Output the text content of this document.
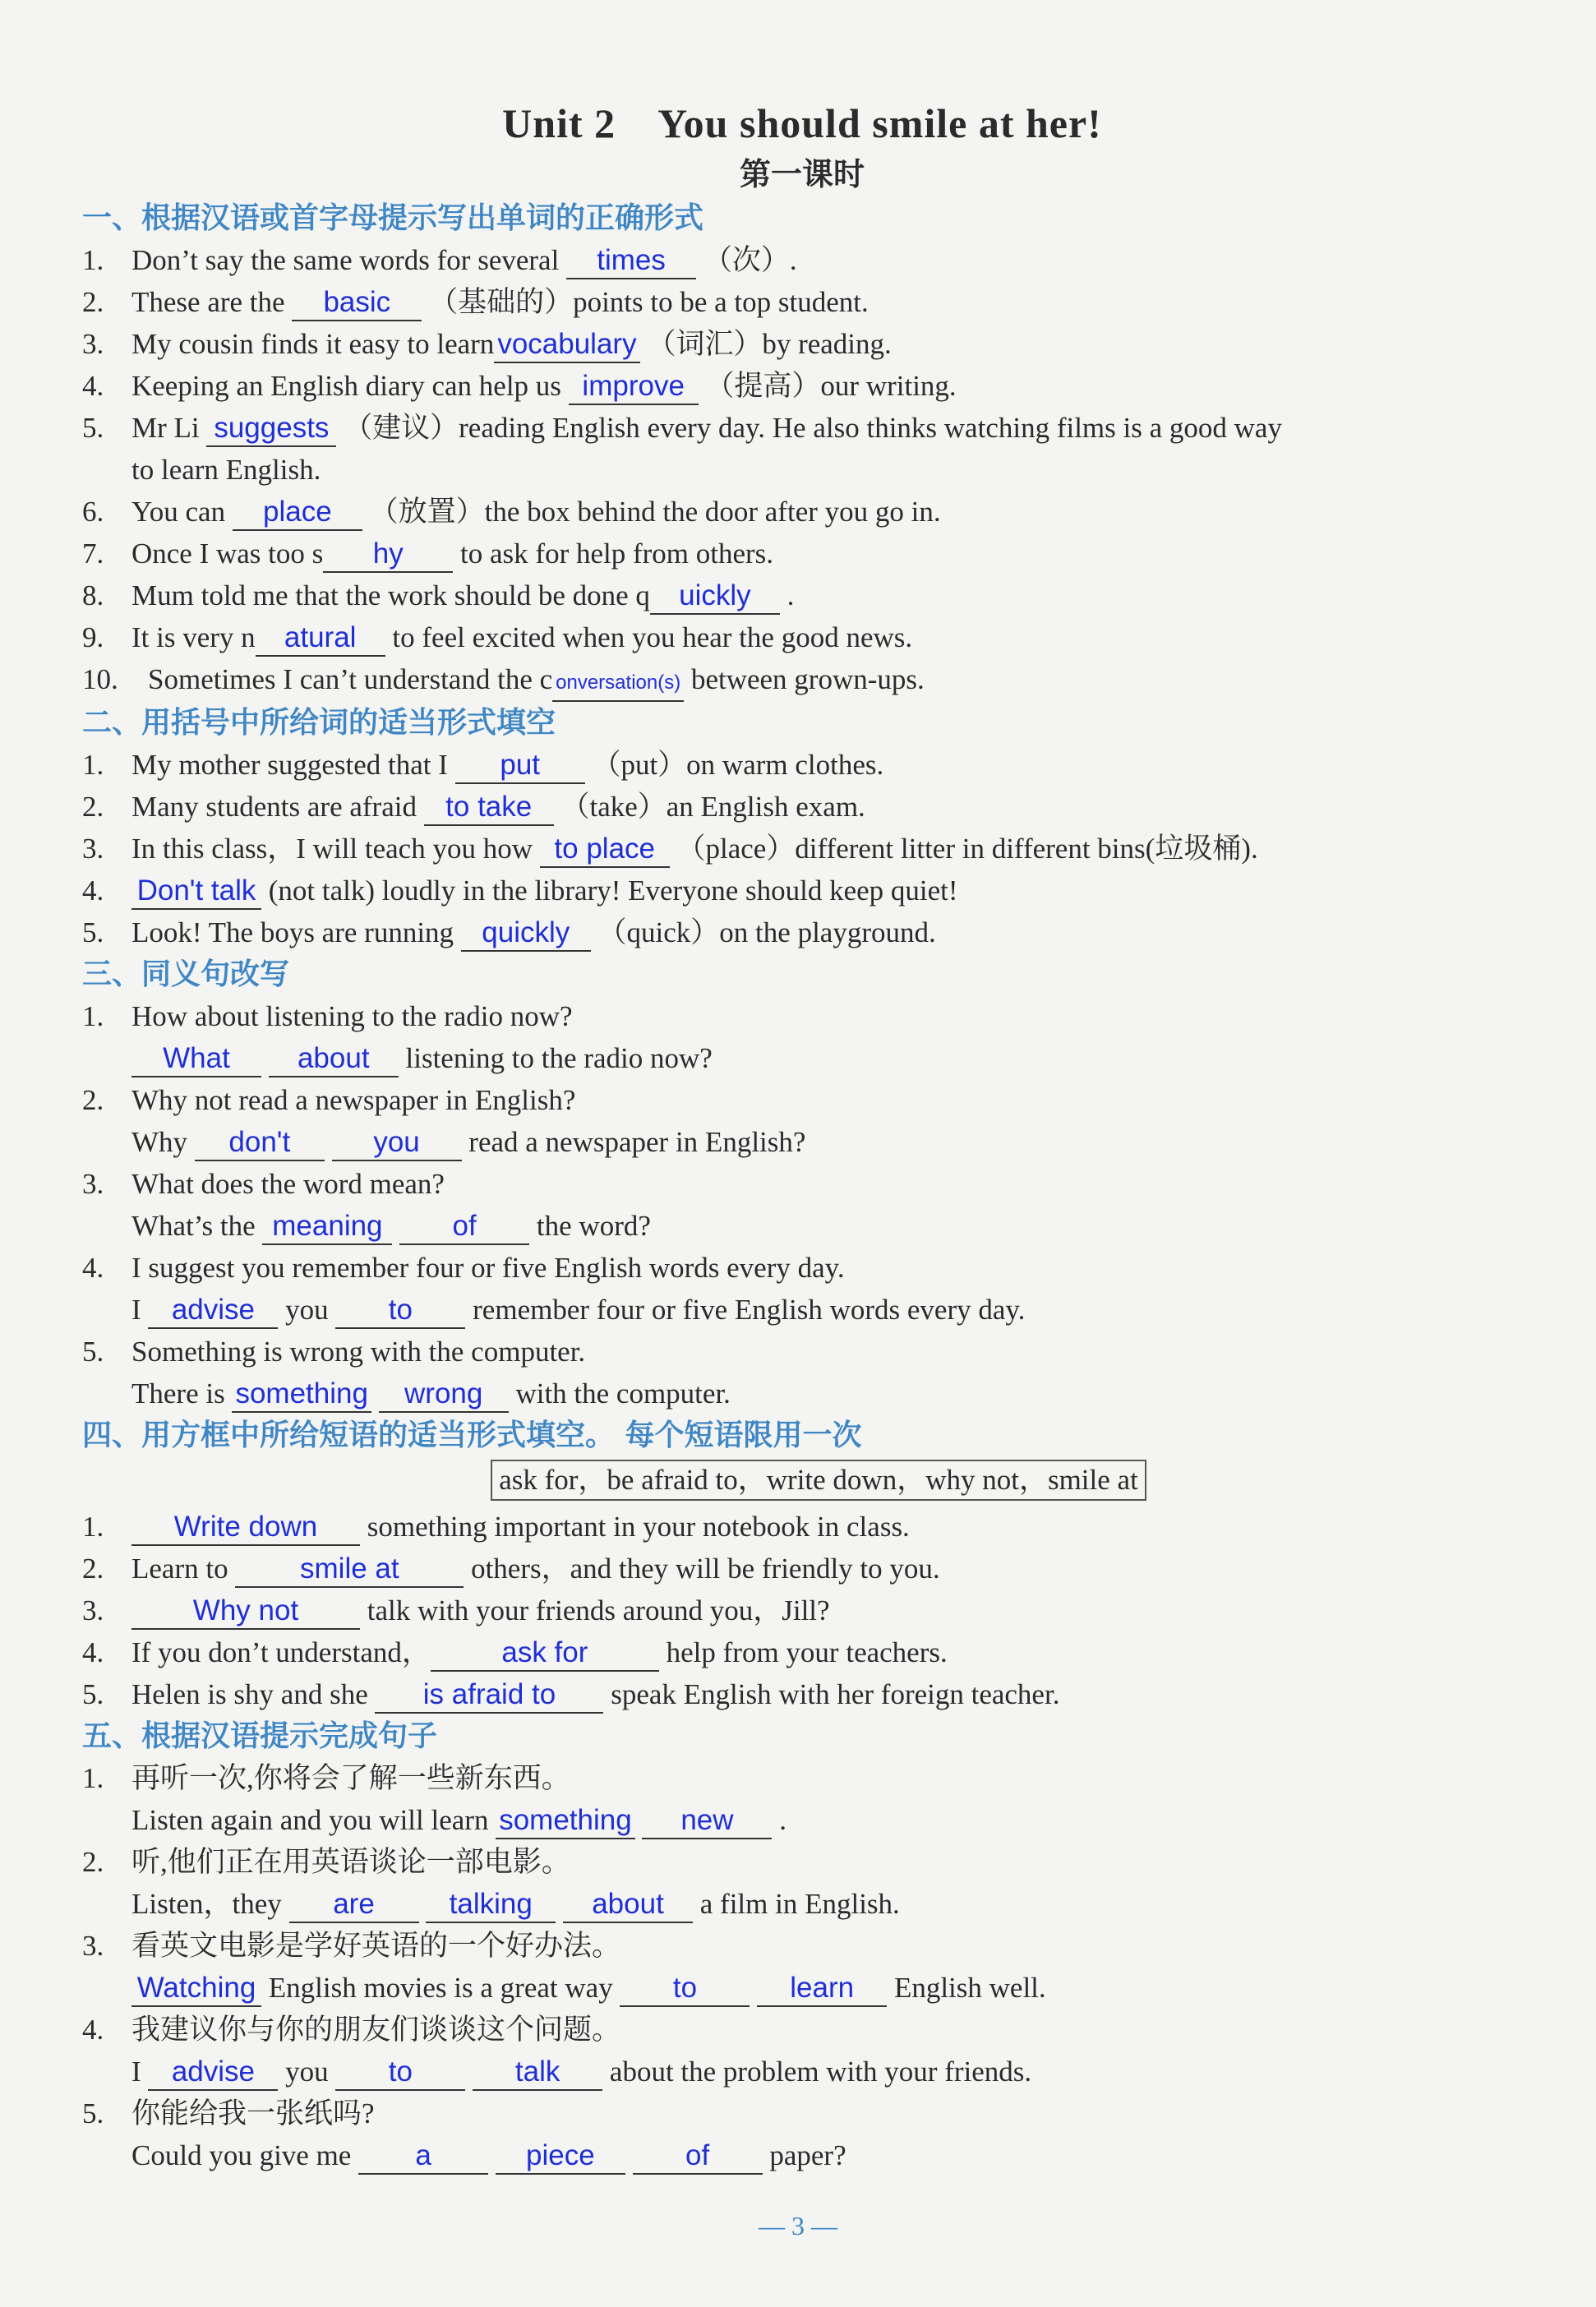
Unit 2　You should smile at her!
第一课时
一、根据汉语或首字母提示写出单词的正确形式
1. Don’t say the same words for several times （次）.
2. These are the basic （基础的）points to be a top student.
3. My cousin finds it easy to learn vocabulary （词汇）by reading.
4. Keeping an English diary can help us improve （提高）our writing.
5. Mr Li suggests （建议）reading English every day. He also thinks watching films is a good way
to learn English.
6. You can place （放置）the box behind the door after you go in.
7. Once I was too s hy to ask for help from others.
8. Mum told me that the work should be done q uickly .
9. It is very n atural to feel excited when you hear the good news.
10.	Sometimes I can’t understand the c onversation(s) between grown-ups.
二、用括号中所给词的适当形式填空
1. My mother suggested that I put （put）on warm clothes.
2. Many students are afraid to take （take）an English exam.
3. In this class，I will teach you how to place （place）different litter in different bins(垃圾桶).
4.	Don't talk (not talk) loudly in the library! Everyone should keep quiet!
5. Look! The boys are running quickly （quick）on the playground.
三、同义句改写
1. How about listening to the radio now?
What about listening to the radio now?
2. Why not read a newspaper in English?
Why don't	you read a newspaper in English?
3. What does the word mean?
What’s the meaning of the word?
4. I suggest you remember four or five English words every day.
I advise you to remember four or five English words every day.
5. Something is wrong with the computer.
There is something wrong with the computer.
四、用方框中所给短语的适当形式填空。 每个短语限用一次
ask for，be afraid to，write down，why not，smile at
1.	Write down something important in your notebook in class.
2. Learn to smile at others，and they will be friendly to you.
3.	Why not talk with your friends around you，Jill?
4. If you don’t understand， ask for help from your teachers.
5. Helen is shy and she is afraid to speak English with her foreign teacher.
五、根据汉语提示完成句子
1. 再听一次,你将会了解一些新东西。
Listen again and you will learn something new .
2. 听,他们正在用英语谈论一部电影。
Listen，they are	talking about a film in English.
3. 看英文电影是学好英语的一个好办法。
Watching English movies is a great way to	learn English well.
4. 我建议你与你的朋友们谈谈这个问题。
I advise you to	talk about the problem with your friends.
5. 你能给我一张纸吗?
Could you give me a	piece	of paper?
— 3 —
